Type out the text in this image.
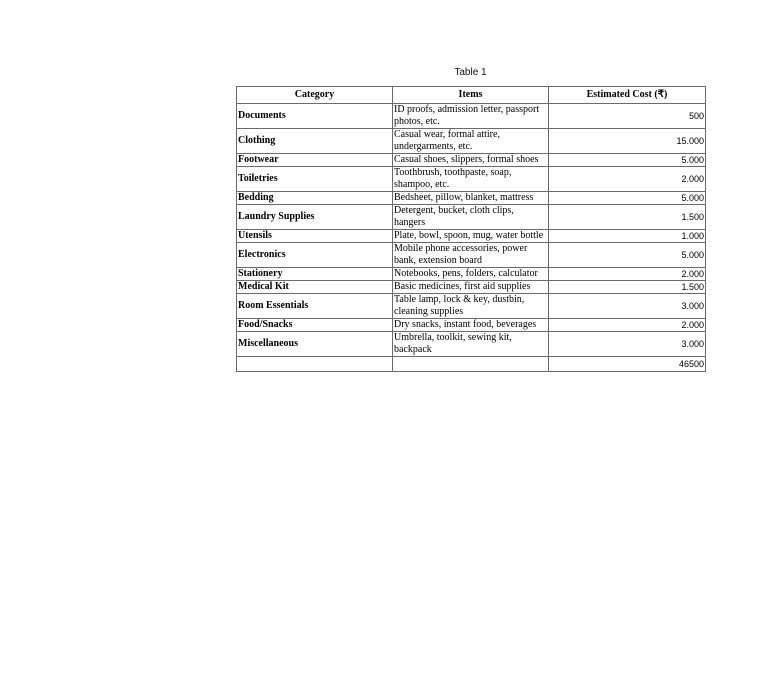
Table 1
Category	Items	Estimated Cost (₹)
Documents	ID proofs, admission letter, passport photos, etc.	500
Clothing	Casual wear, formal attire, undergarments, etc.	15.000
Footwear	Casual shoes, slippers, formal shoes	5.000
Toiletries	Toothbrush, toothpaste, soap, shampoo, etc.	2.000
Bedding	Bedsheet, pillow, blanket, mattress	5.000
Laundry Supplies	Detergent, bucket, cloth clips, hangers	1.500
Utensils	Plate, bowl, spoon, mug, water bottle	1.000
Electronics	Mobile phone accessories, power bank, extension board	5.000
Stationery	Notebooks, pens, folders, calculator	2.000
Medical Kit	Basic medicines, first aid supplies	1.500
Room Essentials	Table lamp, lock & key, dustbin, cleaning supplies	3.000
Food/Snacks	Dry snacks, instant food, beverages	2.000
Miscellaneous	Umbrella, toolkit, sewing kit, backpack	3.000
		46500
